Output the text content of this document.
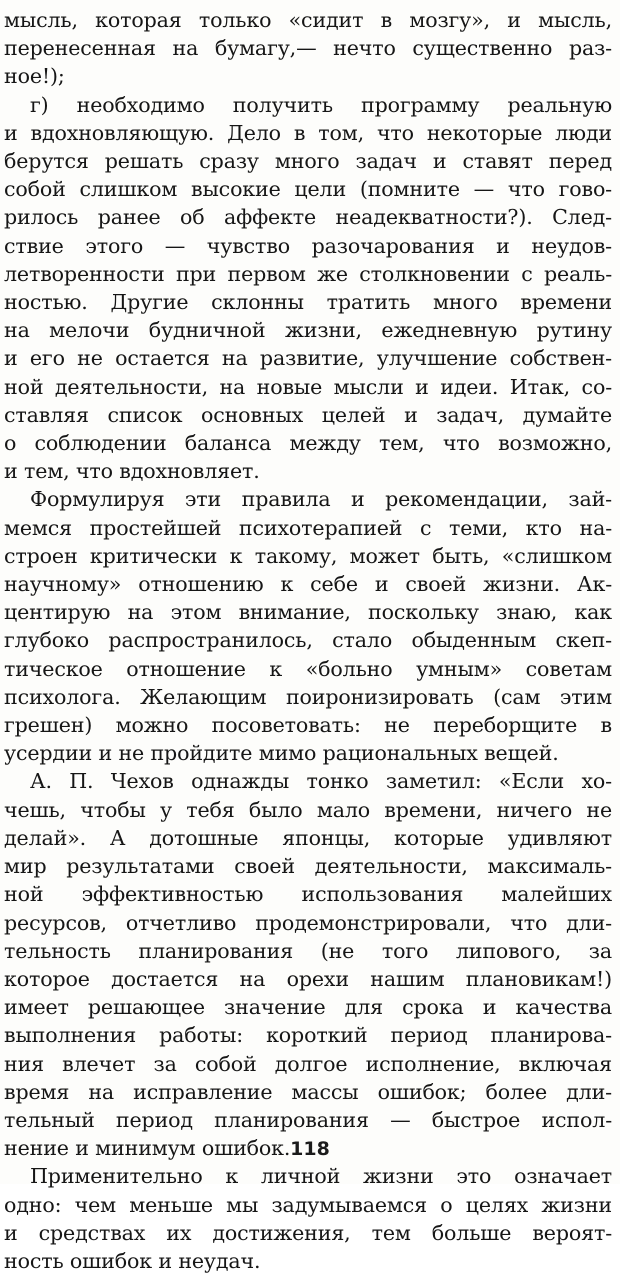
мысль, которая только «сидит в мозгу», и мысль,
перенесенная на бумагу,— нечто существенно раз-
ное!);
г) необходимо получить программу реальную
и вдохновляющую. Дело в том, что некоторые люди
берутся решать сразу много задач и ставят перед
собой слишком высокие цели (помните — что гово-
рилось ранее об аффекте неадекватности?). След-
ствие этого — чувство разочарования и неудов-
летворенности при первом же столкновении с реаль-
ностью. Другие склонны тратить много времени
на мелочи будничной жизни, ежедневную рутину
и его не остается на развитие, улучшение собствен-
ной деятельности, на новые мысли и идеи. Итак, со-
ставляя список основных целей и задач, думайте
о соблюдении баланса между тем, что возможно,
и тем, что вдохновляет.
Формулируя эти правила и рекомендации, зай-
мемся простейшей психотерапией с теми, кто на-
строен критически к такому, может быть, «слишком
научному» отношению к себе и своей жизни. Ак-
центирую на этом внимание, поскольку знаю, как
глубоко распространилось, стало обыденным скеп-
тическое отношение к «больно умным» советам
психолога. Желающим поиронизировать (сам этим
грешен) можно посоветовать: не переборщите в
усердии и не пройдите мимо рациональных вещей.
А. П. Чехов однажды тонко заметил: «Если хо-
чешь, чтобы у тебя было мало времени, ничего не
делай». А дотошные японцы, которые удивляют
мир результатами своей деятельности, максималь-
ной эффективностью использования малейших
ресурсов, отчетливо продемонстрировали, что дли-
тельность планирования (не того липового, за
которое достается на орехи нашим плановикам!)
имеет решающее значение для срока и качества
выполнения работы: короткий период планирова-
ния влечет за собой долгое исполнение, включая
время на исправление массы ошибок; более дли-
тельный период планирования — быстрое испол-
нение и минимум ошибок.
Применительно к личной жизни это означает
одно: чем меньше мы задумываемся о целях жизни
и средствах их достижения, тем больше вероят-
ность ошибок и неудач.
118
